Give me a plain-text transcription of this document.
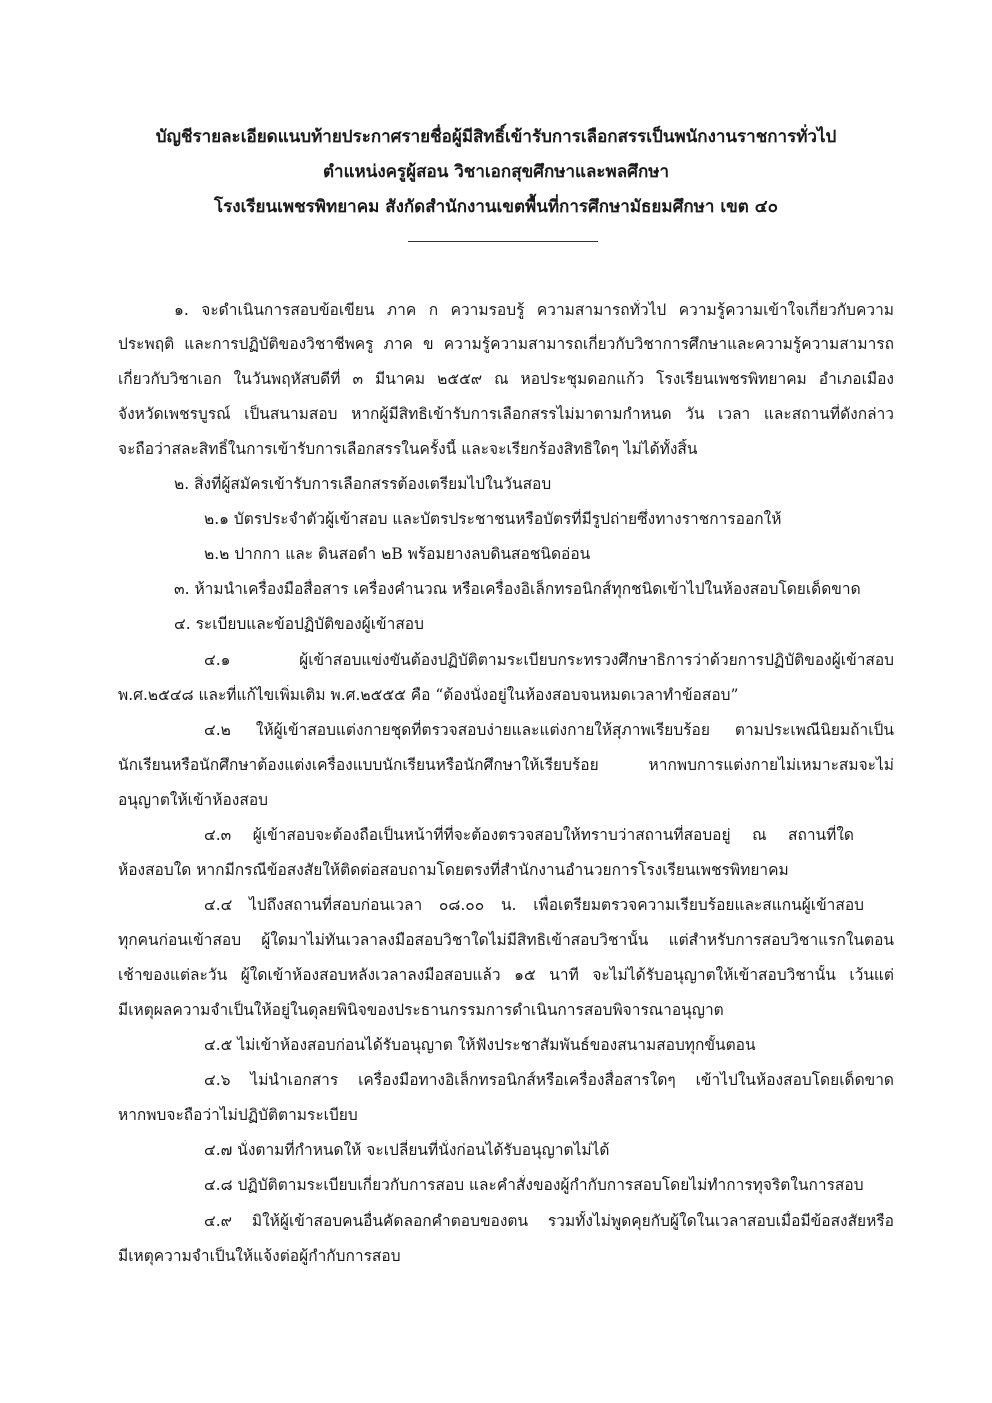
บัญชีรายละเอียดแนบท้ายประกาศรายชื่อผู้มีสิทธิ์เข้ารับการเลือกสรรเป็นพนักงานราชการทั่วไป
ตำแหน่งครูผู้สอน วิชาเอกสุขศึกษาและพลศึกษา
โรงเรียนเพชรพิทยาคม สังกัดสำนักงานเขตพื้นที่การศึกษามัธยมศึกษา เขต ๔๐
๑. จะดำเนินการสอบข้อเขียน ภาค ก ความรอบรู้ ความสามารถทั่วไป ความรู้ความเข้าใจเกี่ยวกับความ
ประพฤติ และการปฏิบัติของวิชาชีพครู ภาค ข ความรู้ความสามารถเกี่ยวกับวิชาการศึกษาและความรู้ความสามารถ
เกี่ยวกับวิชาเอก ในวันพฤหัสบดีที่ ๓ มีนาคม ๒๕๕๙ ณ หอประชุมดอกแก้ว โรงเรียนเพชรพิทยาคม อำเภอเมือง
จังหวัดเพชรบูรณ์ เป็นสนามสอบ หากผู้มีสิทธิเข้ารับการเลือกสรรไม่มาตามกำหนด วัน เวลา และสถานที่ดังกล่าว
จะถือว่าสละสิทธิ์ในการเข้ารับการเลือกสรรในครั้งนี้ และจะเรียกร้องสิทธิใดๆ ไม่ได้ทั้งสิ้น
๒. สิ่งที่ผู้สมัครเข้ารับการเลือกสรรต้องเตรียมไปในวันสอบ
๒.๑ บัตรประจำตัวผู้เข้าสอบ และบัตรประชาชนหรือบัตรที่มีรูปถ่ายซึ่งทางราชการออกให้
๒.๒ ปากกา และ ดินสอดำ ๒B พร้อมยางลบดินสอชนิดอ่อน
๓. ห้ามนำเครื่องมือสื่อสาร เครื่องคำนวณ หรือเครื่องอิเล็กทรอนิกส์ทุกชนิดเข้าไปในห้องสอบโดยเด็ดขาด
๔. ระเบียบและข้อปฏิบัติของผู้เข้าสอบ
๔.๑ ผู้เข้าสอบแข่งขันต้องปฏิบัติตามระเบียบกระทรวงศึกษาธิการว่าด้วยการปฏิบัติของผู้เข้าสอบ
พ.ศ.๒๕๔๘ และที่แก้ไขเพิ่มเติม พ.ศ.๒๕๕๕ คือ “ต้องนั่งอยู่ในห้องสอบจนหมดเวลาทำข้อสอบ”
๔.๒ ให้ผู้เข้าสอบแต่งกายชุดที่ตรวจสอบง่ายและแต่งกายให้สุภาพเรียบร้อย ตามประเพณีนิยมถ้าเป็น
นักเรียนหรือนักศึกษาต้องแต่งเครื่องแบบนักเรียนหรือนักศึกษาให้เรียบร้อย หากพบการแต่งกายไม่เหมาะสมจะไม่
อนุญาตให้เข้าห้องสอบ
๔.๓ ผู้เข้าสอบจะต้องถือเป็นหน้าที่ที่จะต้องตรวจสอบให้ทราบว่าสถานที่สอบอยู่ ณ สถานที่ใด
ห้องสอบใด หากมีกรณีข้อสงสัยให้ติดต่อสอบถามโดยตรงที่สำนักงานอำนวยการโรงเรียนเพชรพิทยาคม
๔.๔ ไปถึงสถานที่สอบก่อนเวลา ๐๘.๐๐ น. เพื่อเตรียมตรวจความเรียบร้อยและสแกนผู้เข้าสอบ
ทุกคนก่อนเข้าสอบ ผู้ใดมาไม่ทันเวลาลงมือสอบวิชาใดไม่มีสิทธิเข้าสอบวิชานั้น แต่สำหรับการสอบวิชาแรกในตอน
เช้าของแต่ละวัน ผู้ใดเข้าห้องสอบหลังเวลาลงมือสอบแล้ว ๑๕ นาที จะไม่ได้รับอนุญาตให้เข้าสอบวิชานั้น เว้นแต่
มีเหตุผลความจำเป็นให้อยู่ในดุลยพินิจของประธานกรรมการดำเนินการสอบพิจารณาอนุญาต
๔.๕ ไม่เข้าห้องสอบก่อนได้รับอนุญาต ให้ฟังประชาสัมพันธ์ของสนามสอบทุกขั้นตอน
๔.๖ ไม่นำเอกสาร เครื่องมือทางอิเล็กทรอนิกส์หรือเครื่องสื่อสารใดๆ เข้าไปในห้องสอบโดยเด็ดขาด
หากพบจะถือว่าไม่ปฏิบัติตามระเบียบ
๔.๗ นั่งตามที่กำหนดให้ จะเปลี่ยนที่นั่งก่อนได้รับอนุญาตไม่ได้
๔.๘ ปฏิบัติตามระเบียบเกี่ยวกับการสอบ และคำสั่งของผู้กำกับการสอบโดยไม่ทำการทุจริตในการสอบ
๔.๙ มิให้ผู้เข้าสอบคนอื่นคัดลอกคำตอบของตน รวมทั้งไม่พูดคุยกับผู้ใดในเวลาสอบเมื่อมีข้อสงสัยหรือ
มีเหตุความจำเป็นให้แจ้งต่อผู้กำกับการสอบ
